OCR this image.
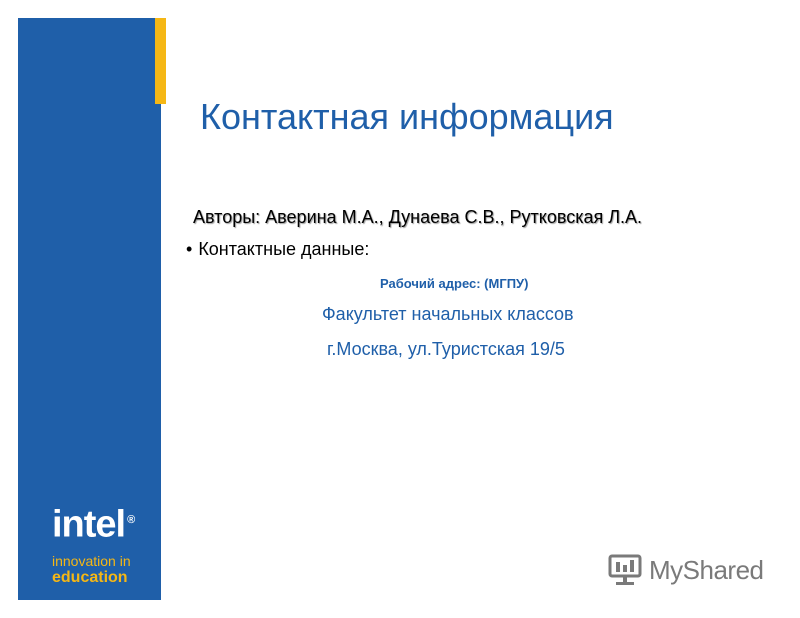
intel ®
innovation in
education
Контактная информация
Авторы: Аверина М.А., Дунаева С.В., Рутковская Л.А.
• Контактные данные:
Рабочий адрес: (МГПУ)
Факультет начальных классов
г.Москва, ул.Туристская 19/5
MyShared
